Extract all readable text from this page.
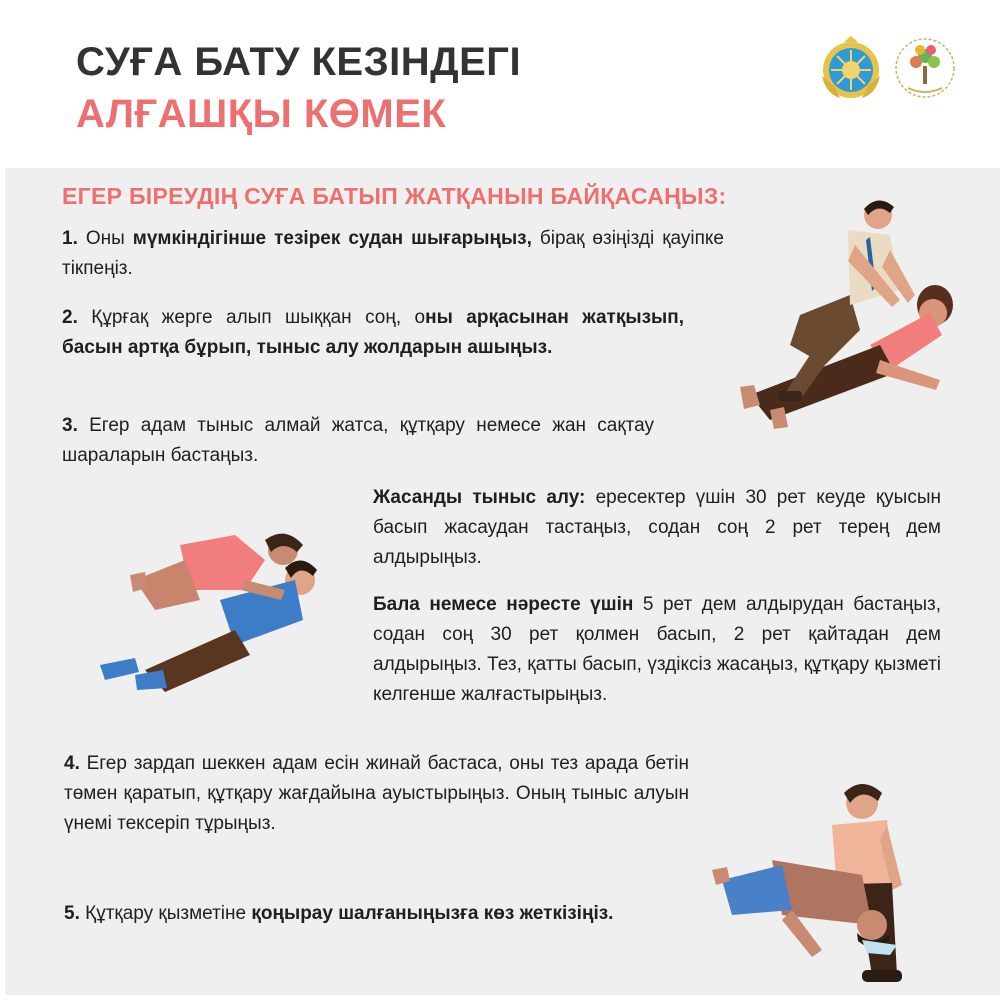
СУҒА БАТУ КЕЗІНДЕГІ
АЛҒАШҚЫ КӨМЕК
ЕГЕР БІРЕУДІҢ СУҒА БАТЫП ЖАТҚАНЫН БАЙҚАСАҢЫЗ:
1. Оны мүмкіндігінше тезірек судан шығарыңыз, бірақ өзіңізді қауіпке тікпеңіз.
2. Құрғақ жерге алып шыққан соң, оны арқасынан жатқызып, басын артқа бұрып, тыныс алу жолдарын ашыңыз.
3. Егер адам тыныс алмай жатса, құтқару немесе жан сақтау шараларын бастаңыз.
Жасанды тыныс алу: ересектер үшін 30 рет кеуде қуысын басып жасаудан тастаңыз, содан соң 2 рет терең дем алдырыңыз.
Бала немесе нәресте үшін 5 рет дем алдырудан бастаңыз, содан соң 30 рет қолмен басып, 2 рет қайтадан дем алдырыңыз. Тез, қатты басып, үздіксіз жасаңыз, құтқару қызметі келгенше жалғастырыңыз.
4. Егер зардап шеккен адам есін жинай бастаса, оны тез арада бетін төмен қаратып, құтқару жағдайына ауыстырыңыз. Оның тыныс алуын үнемі тексеріп тұрыңыз.
5. Құтқару қызметіне қоңырау шалғаныңызға көз жеткізіңіз.
